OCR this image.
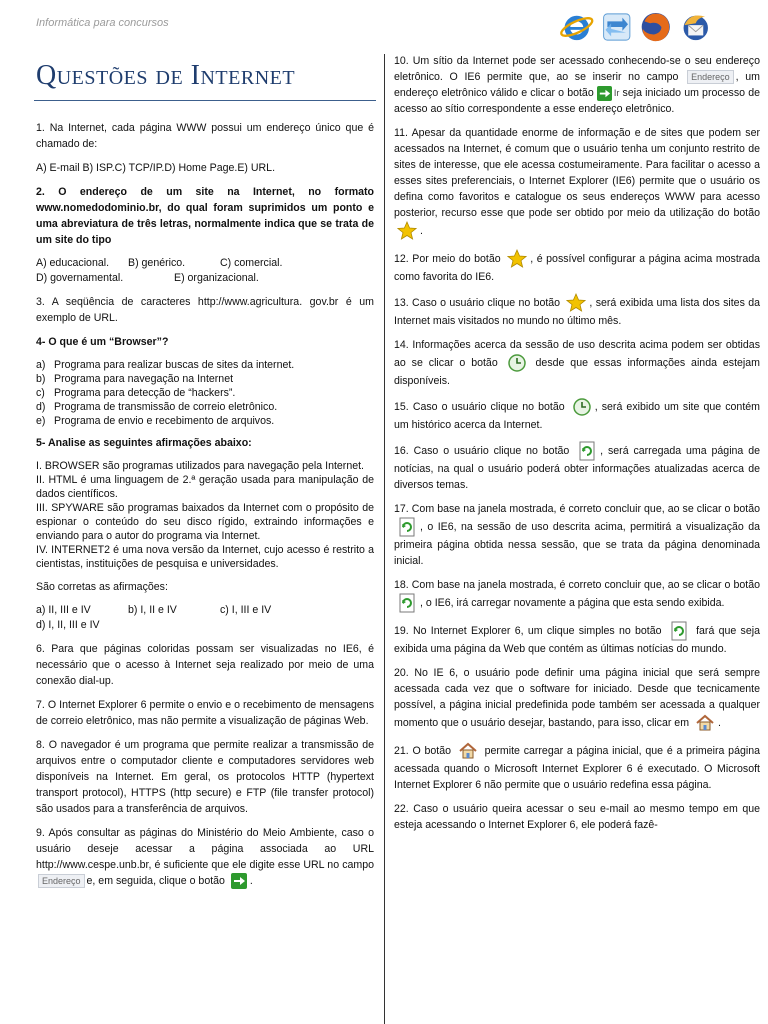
Informática para concursos
Questões de Internet

1. Na Internet, cada página WWW possui um endereço único que é chamado de:

A) E-mail B) ISP.C) TCP/IP.D) Home Page.E) URL.

2. O endereço de um site na Internet, no formato www.nomedodominio.br, do qual foram suprimidos um ponto e uma abreviatura de três letras, normalmente indica que se trata de um site do tipo

A) educacional. B) genérico.	C) comercial.
D) governamental.	E) organizacional.

3. A seqüência de caracteres http://www.agricultura. gov.br é um exemplo de URL.

4- O que é um “Browser”?

a) Programa para realizar buscas de sites da internet.
b) Programa para navegação na Internet
c) Programa para detecção de “hackers”.
d) Programa de transmissão de correio eletrônico.
e) Programa de envio e recebimento de arquivos.

5- Analise as seguintes afirmações abaixo:

I. BROWSER são programas utilizados para navegação pela Internet.
II. HTML é uma linguagem de 2.ª geração usada para manipulação de dados científicos.
III. SPYWARE são programas baixados da Internet com o propósito de espionar o conteúdo do seu disco rígido, extraindo informações e enviando para o autor do programa via Internet.
IV. INTERNET2 é uma nova versão da Internet, cujo acesso é restrito a cientistas, instituições de pesquisa e universidades.

São corretas as afirmações:

a) II, III e IV	b) I, II e IV	c) I, III e IV
d) I, II, III e IV

6. Para que páginas coloridas possam ser visualizadas no IE6, é necessário que o acesso à Internet seja realizado por meio de uma conexão dial-up.

7. O Internet Explorer 6 permite o envio e o recebimento de mensagens de correio eletrônico, mas não permite a visualização de páginas Web.

8. O navegador é um programa que permite realizar a transmissão de arquivos entre o computador cliente e computadores servidores web disponíveis na Internet. Em geral, os protocolos HTTP (hypertext transport protocol), HTTPS (http secure) e FTP (file transfer protocol) são usados para a transferência de arquivos.

9. Após consultar as páginas do Ministério do Meio Ambiente, caso o usuário deseje acessar a página associada ao URL http://www.cespe.unb.br, é suficiente que ele digite esse URL no campo Endereço e, em seguida, clique o botão .

10. Um sítio da Internet pode ser acessado conhecendo-se o seu endereço eletrônico. O IE6 permite que, ao se inserir no campo Endereço , um endereço eletrônico válido e clicar o botão Ir seja iniciado um processo de acesso ao sítio correspondente a esse endereço eletrônico.

11. Apesar da quantidade enorme de informação e de sites que podem ser acessados na Internet, é comum que o usuário tenha um conjunto restrito de sites de interesse, que ele acessa costumeiramente. Para facilitar o acesso a esses sites preferenciais, o Internet Explorer (IE6) permite que o usuário os defina como favoritos e catalogue os seus endereços WWW para acesso posterior, recurso esse que pode ser obtido por meio da utilização do botão .

12. Por meio do botão	, é possível configurar a página acima mostrada como favorita do IE6.

13. Caso o usuário clique no botão	, será exibida uma lista dos sites da Internet mais visitados no mundo no último mês.

14. Informações acerca da sessão de uso descrita acima podem ser obtidas ao se clicar o botão	desde que essas informações ainda estejam disponíveis.

15. Caso o usuário clique no botão	, será exibido um site que contém um histórico acerca da Internet.

16. Caso o usuário clique no botão	, será carregada uma página de notícias, na qual o usuário poderá obter informações atualizadas acerca de diversos temas.

17. Com base na janela mostrada, é correto concluir que, ao se clicar o botão , o IE6, na sessão de uso descrita acima, permitirá a visualização da primeira página obtida nessa sessão, que se trata da página denominada inicial.

18. Com base na janela mostrada, é correto concluir que, ao se clicar o botão , o IE6, irá carregar novamente a página que esta sendo exibida.

19. No Internet Explorer 6, um clique simples no botão	fará que seja exibida uma página da Web que contém as últimas notícias do mundo.

20. No IE 6, o usuário pode definir uma página inicial que será sempre acessada cada vez que o software for iniciado. Desde que tecnicamente possível, a página inicial predefinida pode também ser acessada a qualquer momento que o usuário desejar, bastando, para isso, clicar em	.

21. O botão	permite carregar a página inicial, que é a primeira página acessada quando o Microsoft Internet Explorer 6 é executado. O Microsoft Internet Explorer 6 não permite que o usuário redefina essa página.

22. Caso o usuário queira acessar o seu e-mail ao mesmo tempo em que esteja acessando o Internet Explorer 6, ele poderá fazê-
